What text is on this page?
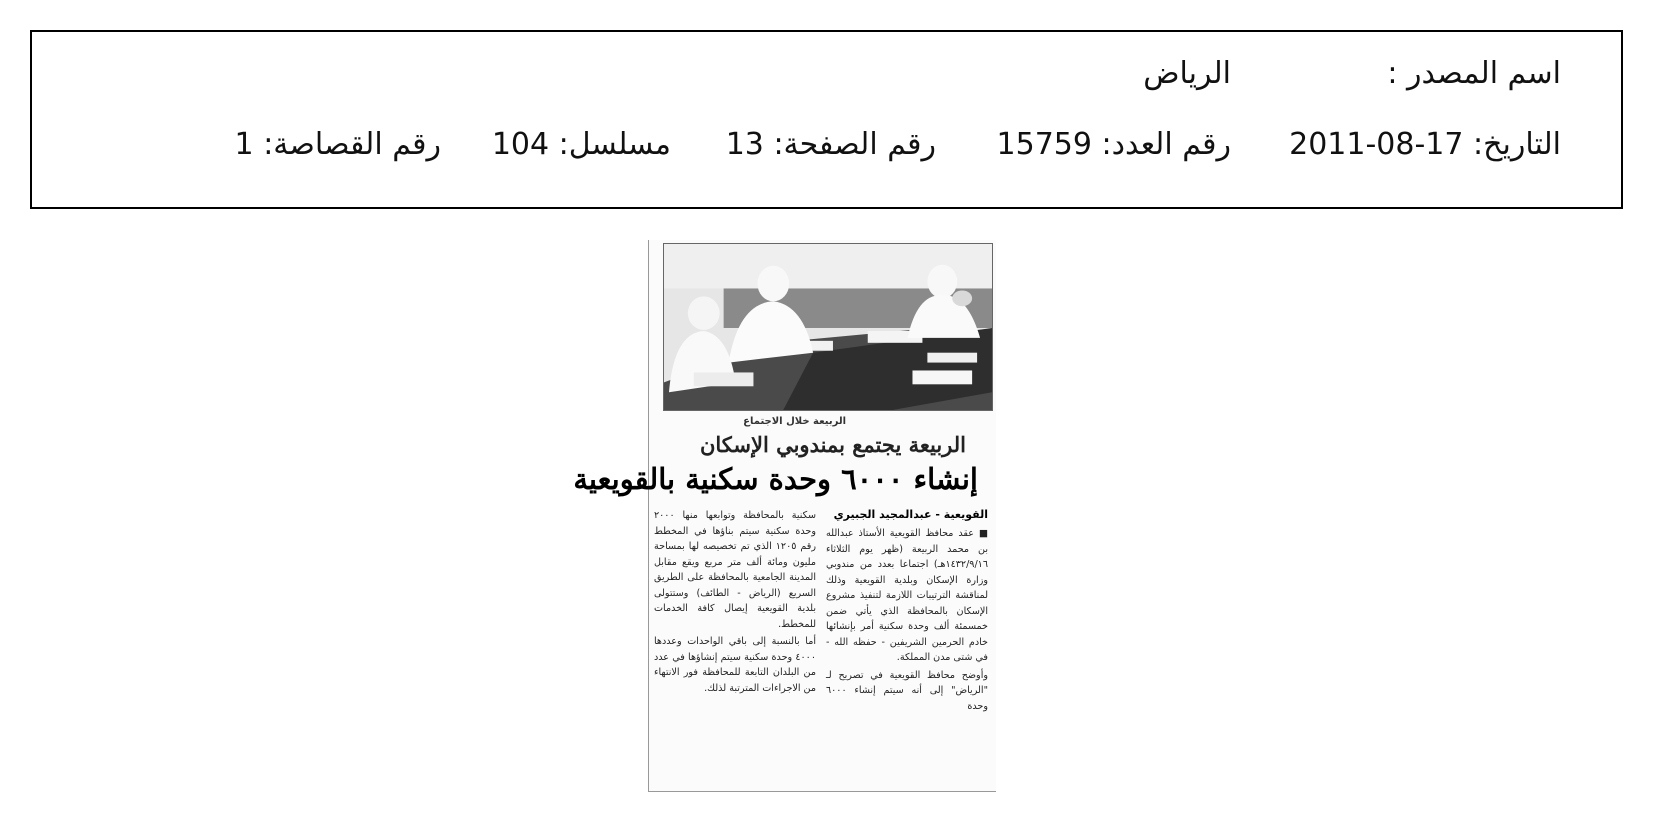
اسم المصدر :
الرياض
التاريخ: 2011-08-17
رقم العدد: 15759
رقم الصفحة: 13
مسلسل: 104
رقم القصاصة: 1
الربيعة خلال الاجتماع
الربيعة يجتمع بمندوبي الإسكان
إنشاء ٦٠٠٠ وحدة سكنية بالقويعية
القويعية - عبدالمجيد الجبيري

■ عقد محافظ القويعية الأستاذ عبدالله بن محمد الربيعة (ظهر يوم الثلاثاء ١٤٣٢/٩/١٦هـ) اجتماعا بعدد من مندوبي وزارة الإسكان وبلدية القويعية وذلك لمناقشة الترتيبات اللازمة لتنفيذ مشروع الإسكان بالمحافظة الذي يأتي ضمن خمسمئة ألف وحدة سكنية أمر بإنشائها خادم الحرمين الشريفين - حفظه الله - في شتى مدن المملكة.

وأوضح محافظ القويعية في تصريح لـ "الرياض" إلى أنه سيتم إنشاء ٦٠٠٠ وحدة

سكنية بالمحافظة وتوابعها منها ٢٠٠٠ وحدة سكنية سيتم بناؤها في المخطط رقم ١٢٠٥ الذي تم تخصيصه لها بمساحة مليون ومائة ألف متر مربع ويقع مقابل المدينة الجامعية بالمحافظة على الطريق السريع (الرياض - الطائف) وستتولى بلدية القويعية إيصال كافة الخدمات للمخطط.

أما بالنسبة إلى باقي الواحدات وعددها ٤٠٠٠ وحدة سكنية سيتم إنشاؤها في عدد من البلدان التابعة للمحافظة فور الانتهاء من الاجراءات المترتبة لذلك.
